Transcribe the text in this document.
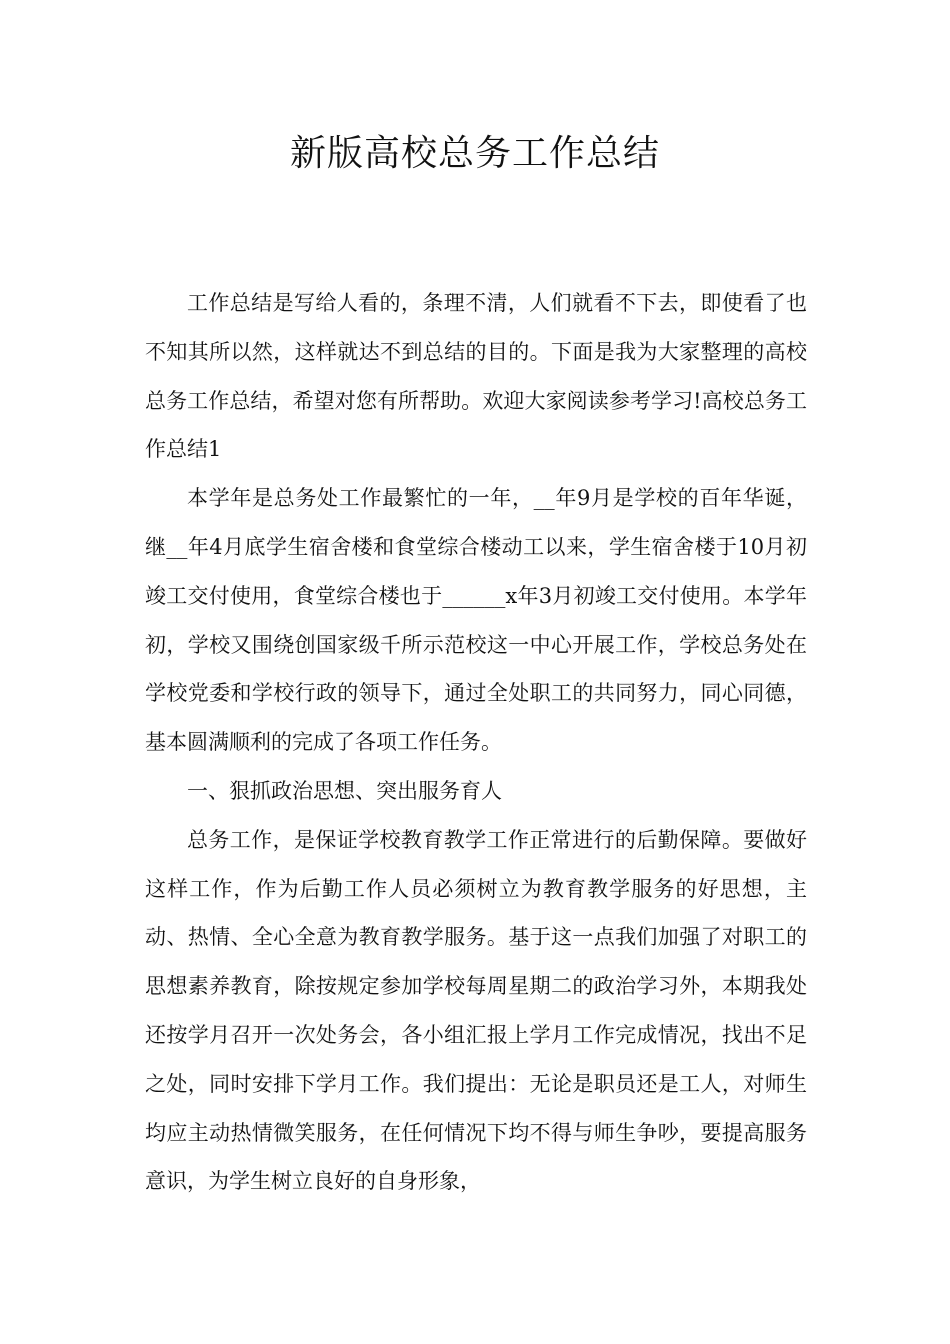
新版高校总务工作总结

工作总结是写给人看的，条理不清，人们就看不下去，即使看了也不知其所以然，这样就达不到总结的目的。下面是我为大家整理的高校总务工作总结，希望对您有所帮助。欢迎大家阅读参考学习!高校总务工作总结1

本学年是总务处工作最繁忙的一年，__年9月是学校的百年华诞，继__年4月底学生宿舍楼和食堂综合楼动工以来，学生宿舍楼于10月初竣工交付使用，食堂综合楼也于______x年3月初竣工交付使用。本学年初，学校又围绕创国家级千所示范校这一中心开展工作，学校总务处在学校党委和学校行政的领导下，通过全处职工的共同努力，同心同德，基本圆满顺利的完成了各项工作任务。

一、狠抓政治思想、突出服务育人

总务工作，是保证学校教育教学工作正常进行的后勤保障。要做好这样工作，作为后勤工作人员必须树立为教育教学服务的好思想，主动、热情、全心全意为教育教学服务。基于这一点我们加强了对职工的思想素养教育，除按规定参加学校每周星期二的政治学习外，本期我处还按学月召开一次处务会，各小组汇报上学月工作完成情况，找出不足之处，同时安排下学月工作。我们提出：无论是职员还是工人，对师生均应主动热情微笑服务，在任何情况下均不得与师生争吵，要提高服务意识，为学生树立良好的自身形象，
